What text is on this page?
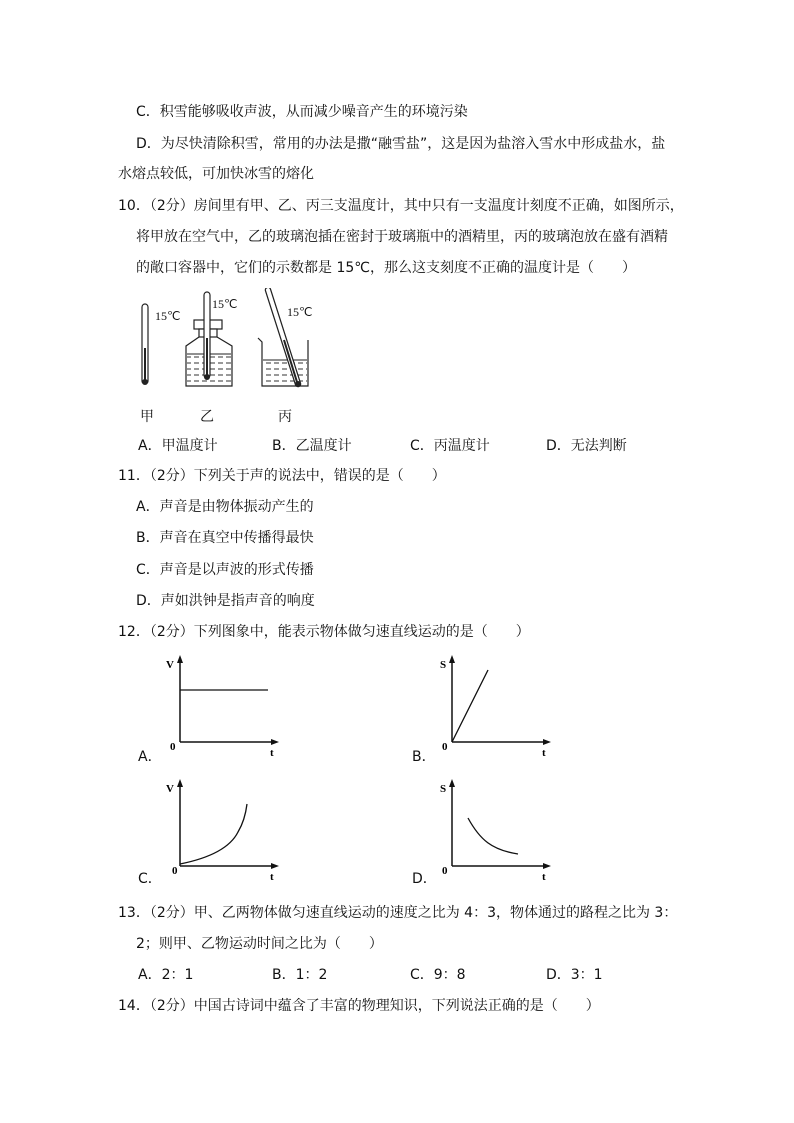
C．积雪能够吸收声波，从而减少噪音产生的环境污染
D．为尽快清除积雪，常用的办法是撒“融雪盐”，这是因为盐溶入雪水中形成盐水，盐
水熔点较低，可加快冰雪的熔化
10．（2分）房间里有甲、乙、丙三支温度计，其中只有一支温度计刻度不正确，如图所示，
将甲放在空气中，乙的玻璃泡插在密封于玻璃瓶中的酒精里，丙的玻璃泡放在盛有酒精
的敞口容器中，它们的示数都是 15℃，那么这支刻度不正确的温度计是（　　）
15℃
15℃
15℃
甲	乙	丙
A．甲温度计	B．乙温度计	C．丙温度计	D．无法判断
11．（2分）下列关于声的说法中，错误的是（　　）
A．声音是由物体振动产生的
B．声音在真空中传播得最快
C．声音是以声波的形式传播
D．声如洪钟是指声音的响度
12．（2分）下列图象中，能表示物体做匀速直线运动的是（　　）
V
t
0
A．
S
t
0
B．
V
t
0
C．
S
t
0
D．
13．（2分）甲、乙两物体做匀速直线运动的速度之比为 4：3，物体通过的路程之比为 3：
2；则甲、乙物运动时间之比为（　　）
A．2：1	B．1：2	C．9：8	D．3：1
14．（2分）中国古诗词中蕴含了丰富的物理知识，下列说法正确的是（　　）
